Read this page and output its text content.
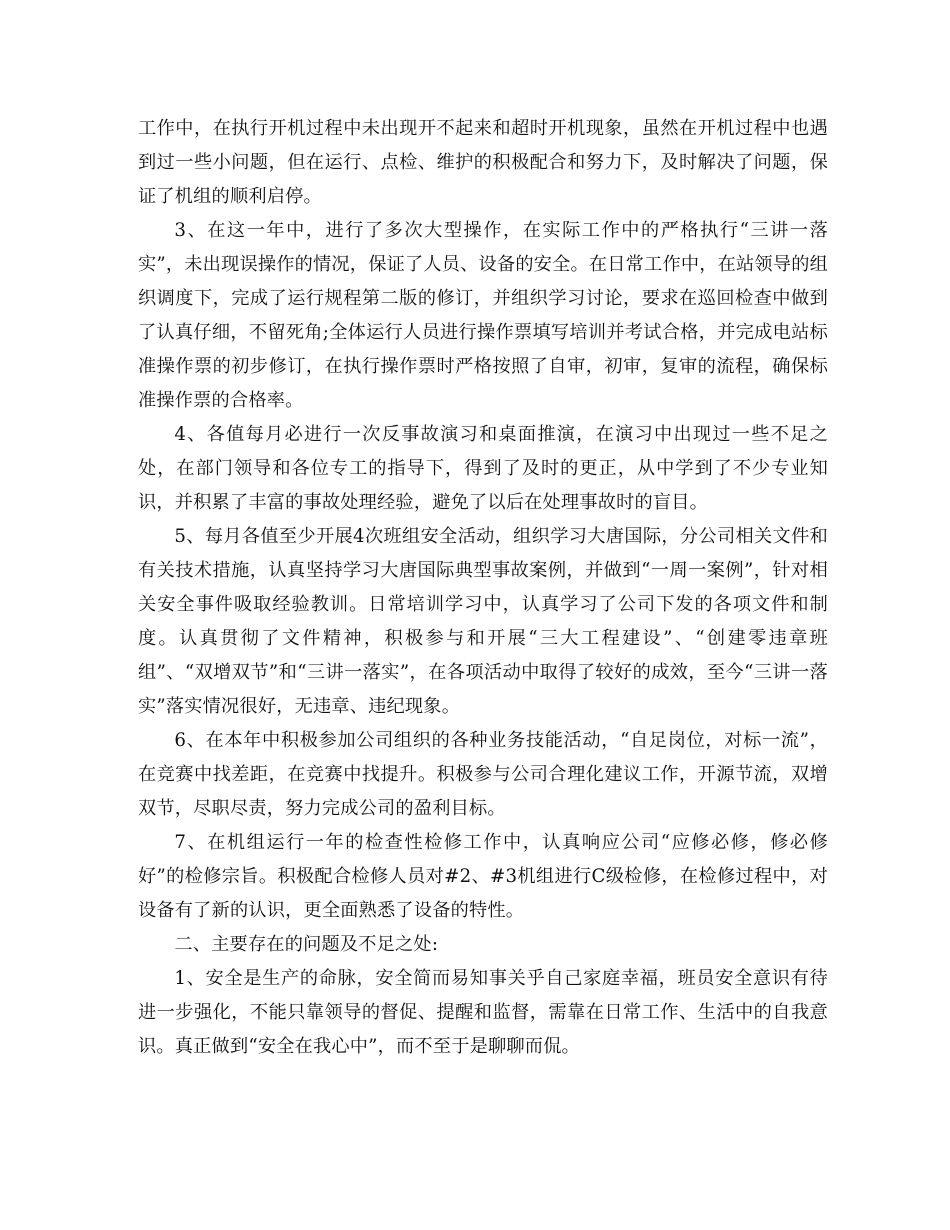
工作中，在执行开机过程中未出现开不起来和超时开机现象，虽然在开机过程中也遇到过一些小问题，但在运行、点检、维护的积极配合和努力下，及时解决了问题，保证了机组的顺利启停。

3、在这一年中，进行了多次大型操作，在实际工作中的严格执行“三讲一落实”，未出现误操作的情况，保证了人员、设备的安全。在日常工作中，在站领导的组织调度下，完成了运行规程第二版的修订，并组织学习讨论，要求在巡回检查中做到了认真仔细，不留死角;全体运行人员进行操作票填写培训并考试合格，并完成电站标准操作票的初步修订，在执行操作票时严格按照了自审，初审，复审的流程，确保标准操作票的合格率。

4、各值每月必进行一次反事故演习和桌面推演，在演习中出现过一些不足之处，在部门领导和各位专工的指导下，得到了及时的更正，从中学到了不少专业知识，并积累了丰富的事故处理经验，避免了以后在处理事故时的盲目。

5、每月各值至少开展4次班组安全活动，组织学习大唐国际，分公司相关文件和有关技术措施，认真坚持学习大唐国际典型事故案例，并做到“一周一案例”，针对相关安全事件吸取经验教训。日常培训学习中，认真学习了公司下发的各项文件和制度。认真贯彻了文件精神，积极参与和开展“三大工程建设”、“创建零违章班组”、“双增双节”和“三讲一落实”，在各项活动中取得了较好的成效，至今“三讲一落实”落实情况很好，无违章、违纪现象。

6、在本年中积极参加公司组织的各种业务技能活动，“自足岗位，对标一流”，在竞赛中找差距，在竞赛中找提升。积极参与公司合理化建议工作，开源节流，双增双节，尽职尽责，努力完成公司的盈利目标。

7、在机组运行一年的检查性检修工作中，认真响应公司“应修必修，修必修好”的检修宗旨。积极配合检修人员对#2、#3机组进行C级检修，在检修过程中，对设备有了新的认识，更全面熟悉了设备的特性。

二、主要存在的问题及不足之处:

1、安全是生产的命脉，安全简而易知事关乎自己家庭幸福，班员安全意识有待进一步强化，不能只靠领导的督促、提醒和监督，需靠在日常工作、生活中的自我意识。真正做到“安全在我心中”，而不至于是聊聊而侃。
